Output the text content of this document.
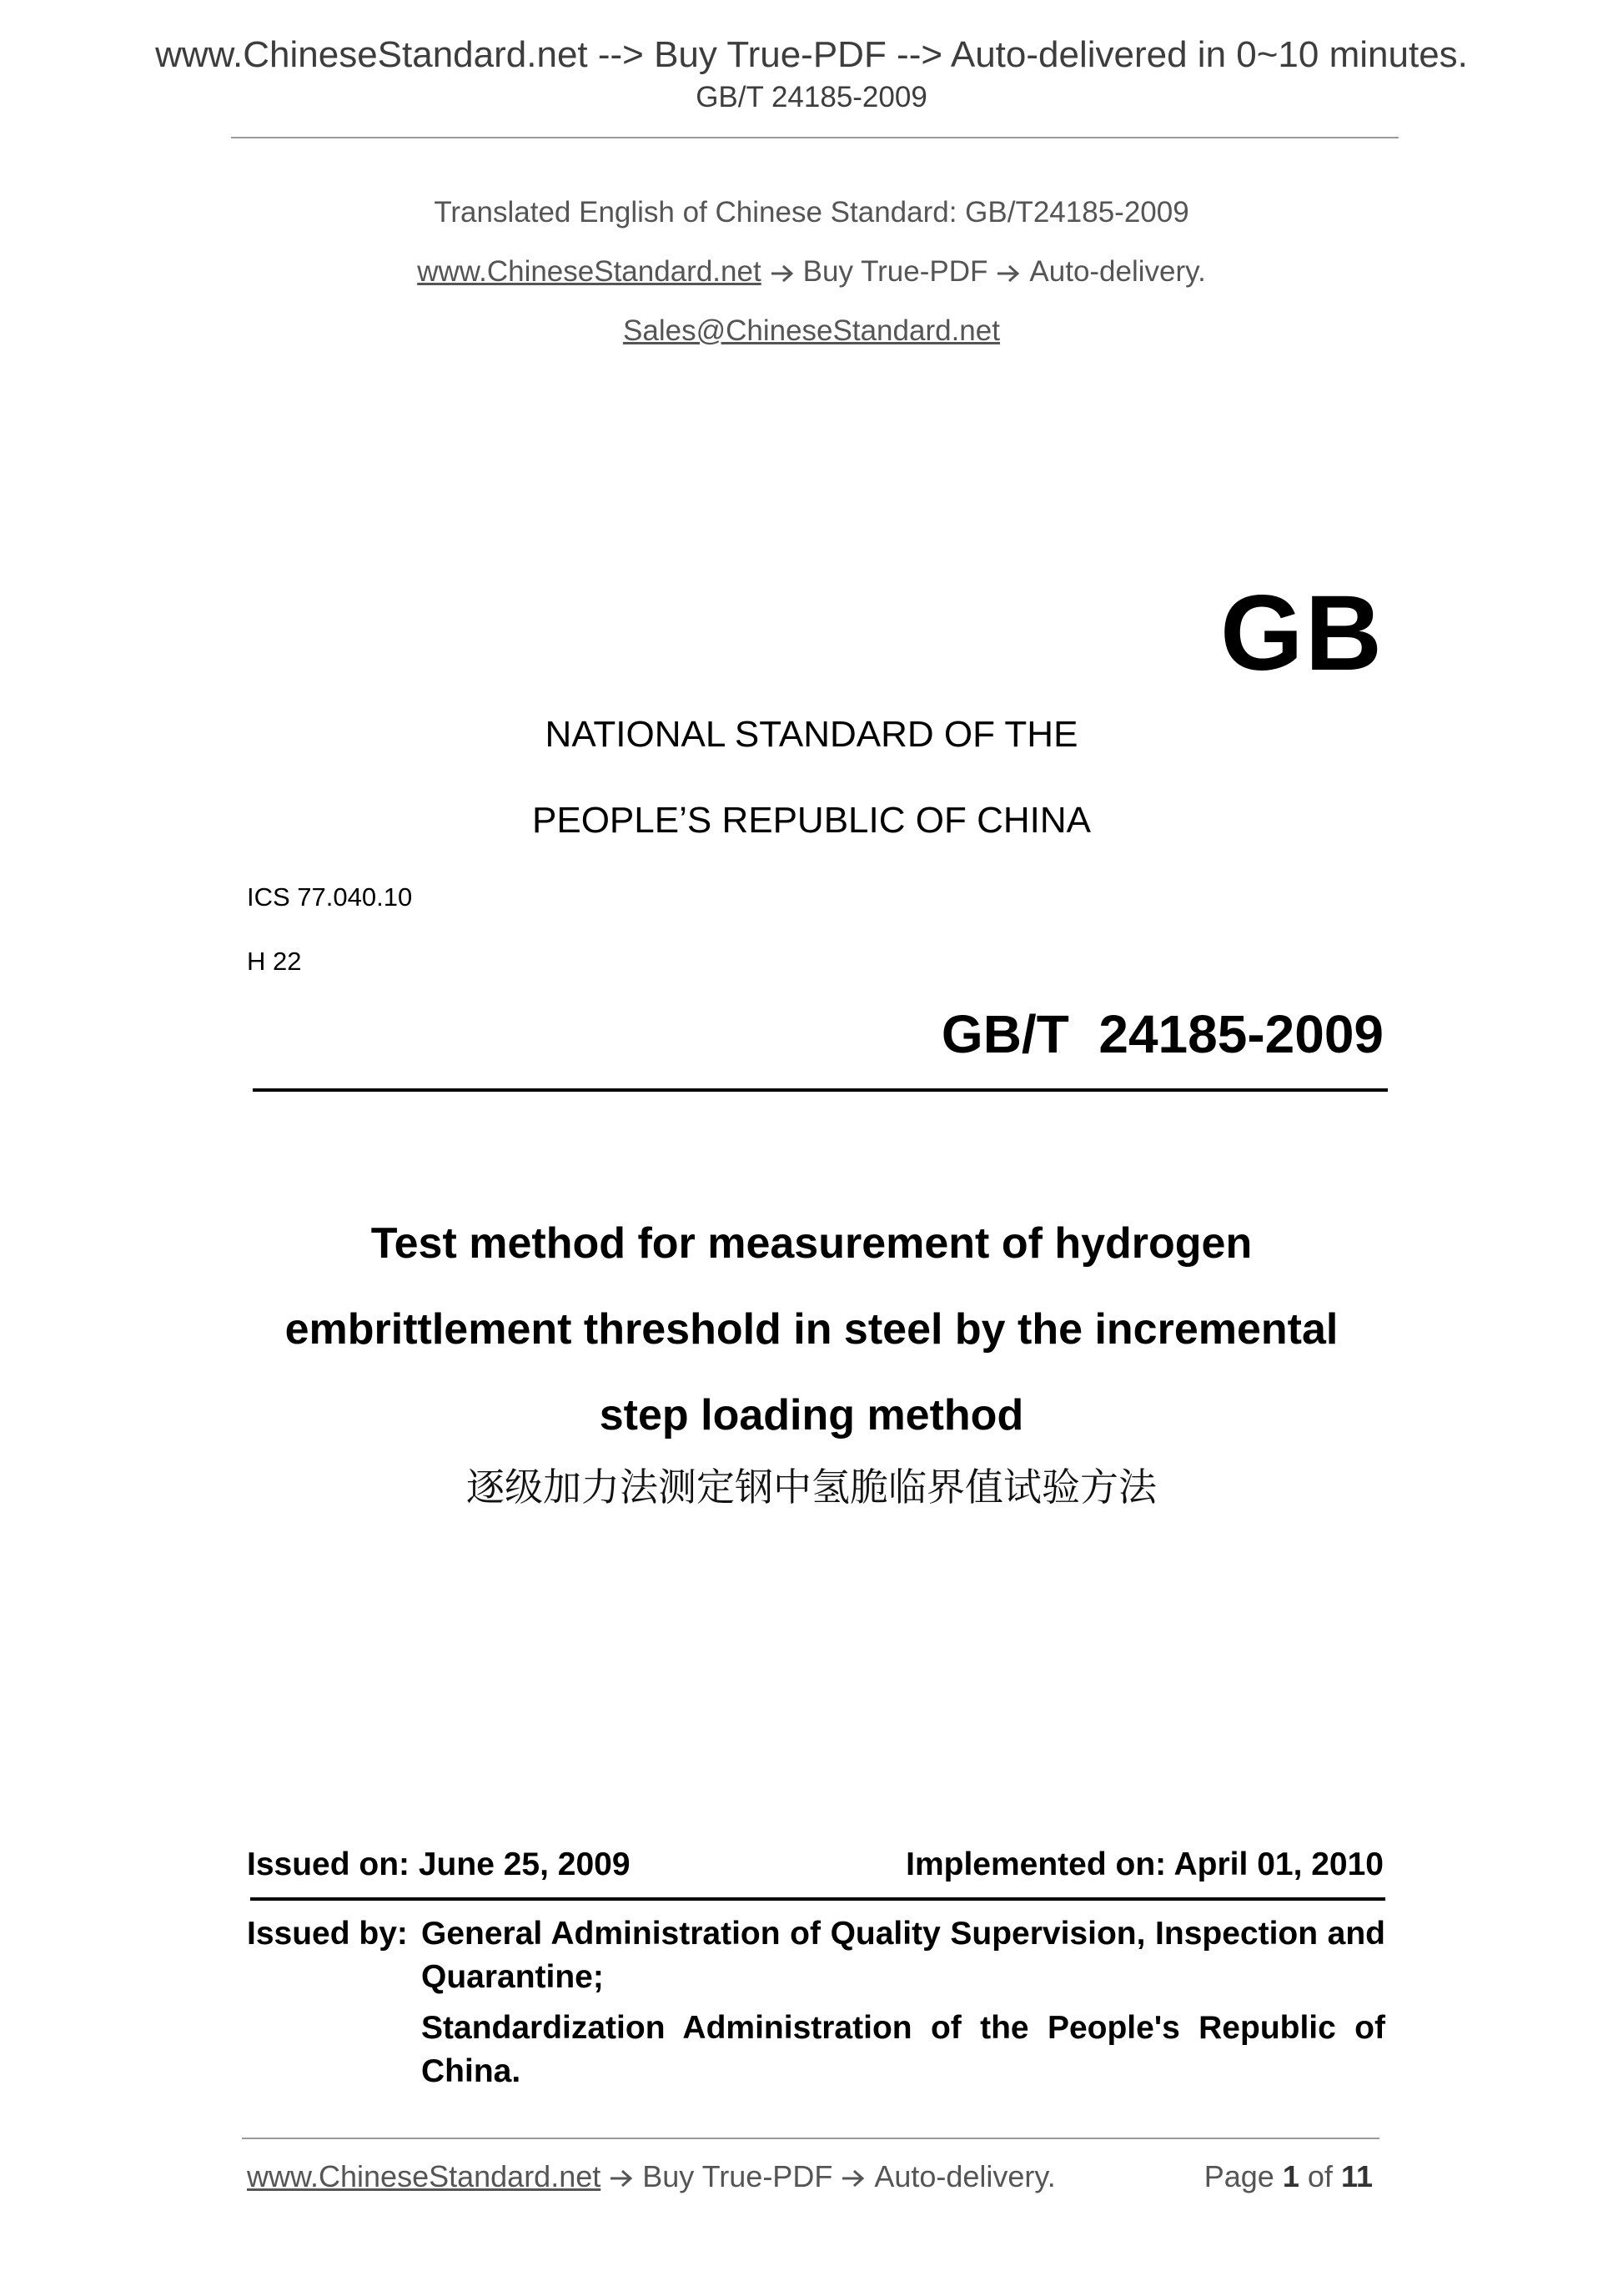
www.ChineseStandard.net --> Buy True-PDF --> Auto-delivered in 0~10 minutes.
GB/T 24185-2009
Translated English of Chinese Standard: GB/T24185-2009
www.ChineseStandard.net Buy True-PDF Auto-delivery.
Sales@ChineseStandard.net
GB
NATIONAL STANDARD OF THE
PEOPLE’S REPUBLIC OF CHINA
ICS 77.040.10
H 22
GB/T  24185-2009
Test method for measurement of hydrogen embrittlement threshold in steel by the incremental step loading method
逐级加力法测定钢中氢脆临界值试验方法
Issued on: June 25, 2009	Implemented on: April 01, 2010
Issued by: General Administration of Quality Supervision, Inspection and Quarantine;
Standardization Administration of the People's Republic of China.
www.ChineseStandard.net Buy True-PDF Auto-delivery.	Page 1 of 11
